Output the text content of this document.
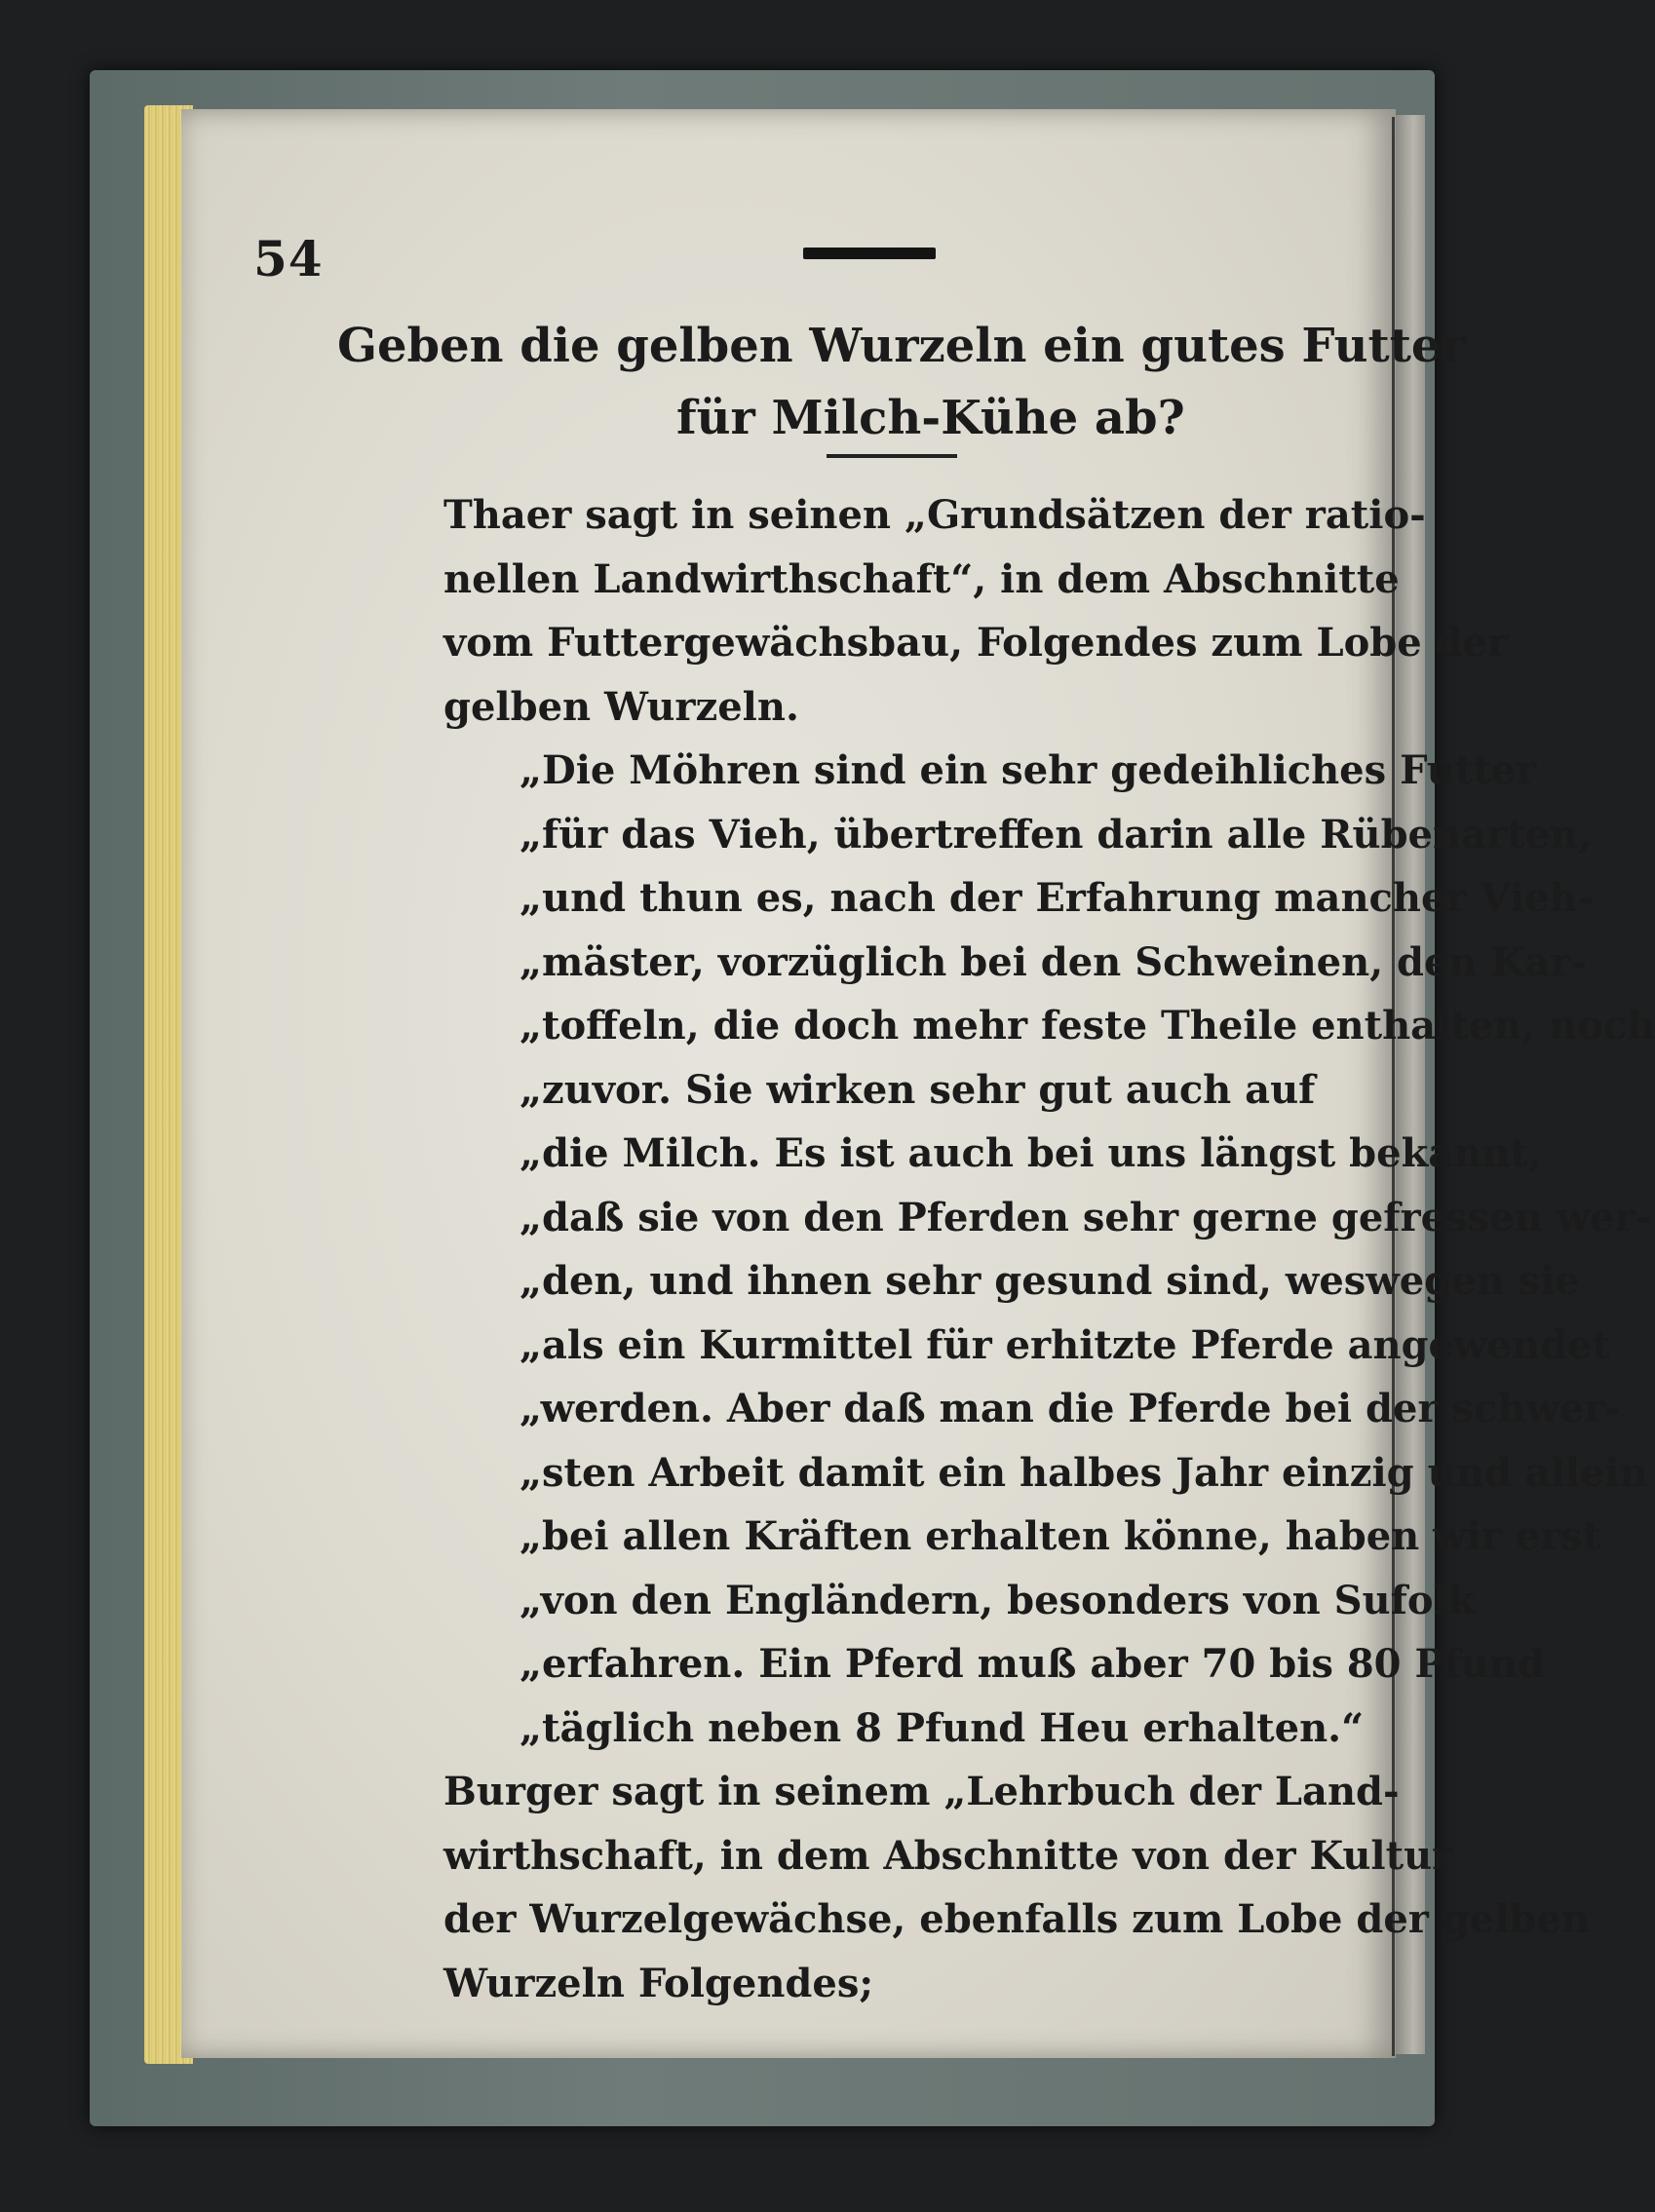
54
Geben die gelben Wurzeln ein gutes Futter
für Milch-Kühe ab?
Thaer sagt in seinen „Grundsätzen der ratio-
nellen Landwirthschaft“, in dem Abschnitte
vom Futtergewächsbau, Folgendes zum Lobe der
gelben Wurzeln.
„Die Möhren sind ein sehr gedeihliches Futter
„für das Vieh, übertreffen darin alle Rübenarten,
„und thun es, nach der Erfahrung mancher Vieh-
„mäster, vorzüglich bei den Schweinen, den Kar-
„toffeln, die doch mehr feste Theile enthalten, noch
„zuvor. Sie wirken sehr gut auch auf
„die Milch. Es ist auch bei uns längst bekannt,
„daß sie von den Pferden sehr gerne gefressen wer-
„den, und ihnen sehr gesund sind, weswegen sie
„als ein Kurmittel für erhitzte Pferde angewendet
„werden. Aber daß man die Pferde bei der schwer-
„sten Arbeit damit ein halbes Jahr einzig und allein
„bei allen Kräften erhalten könne, haben wir erst
„von den Engländern, besonders von Sufolk
„erfahren. Ein Pferd muß aber 70 bis 80 Pfund
„täglich neben 8 Pfund Heu erhalten.“
Burger sagt in seinem „Lehrbuch der Land-
wirthschaft, in dem Abschnitte von der Kultur
der Wurzelgewächse, ebenfalls zum Lobe der gelben
Wurzeln Folgendes;
